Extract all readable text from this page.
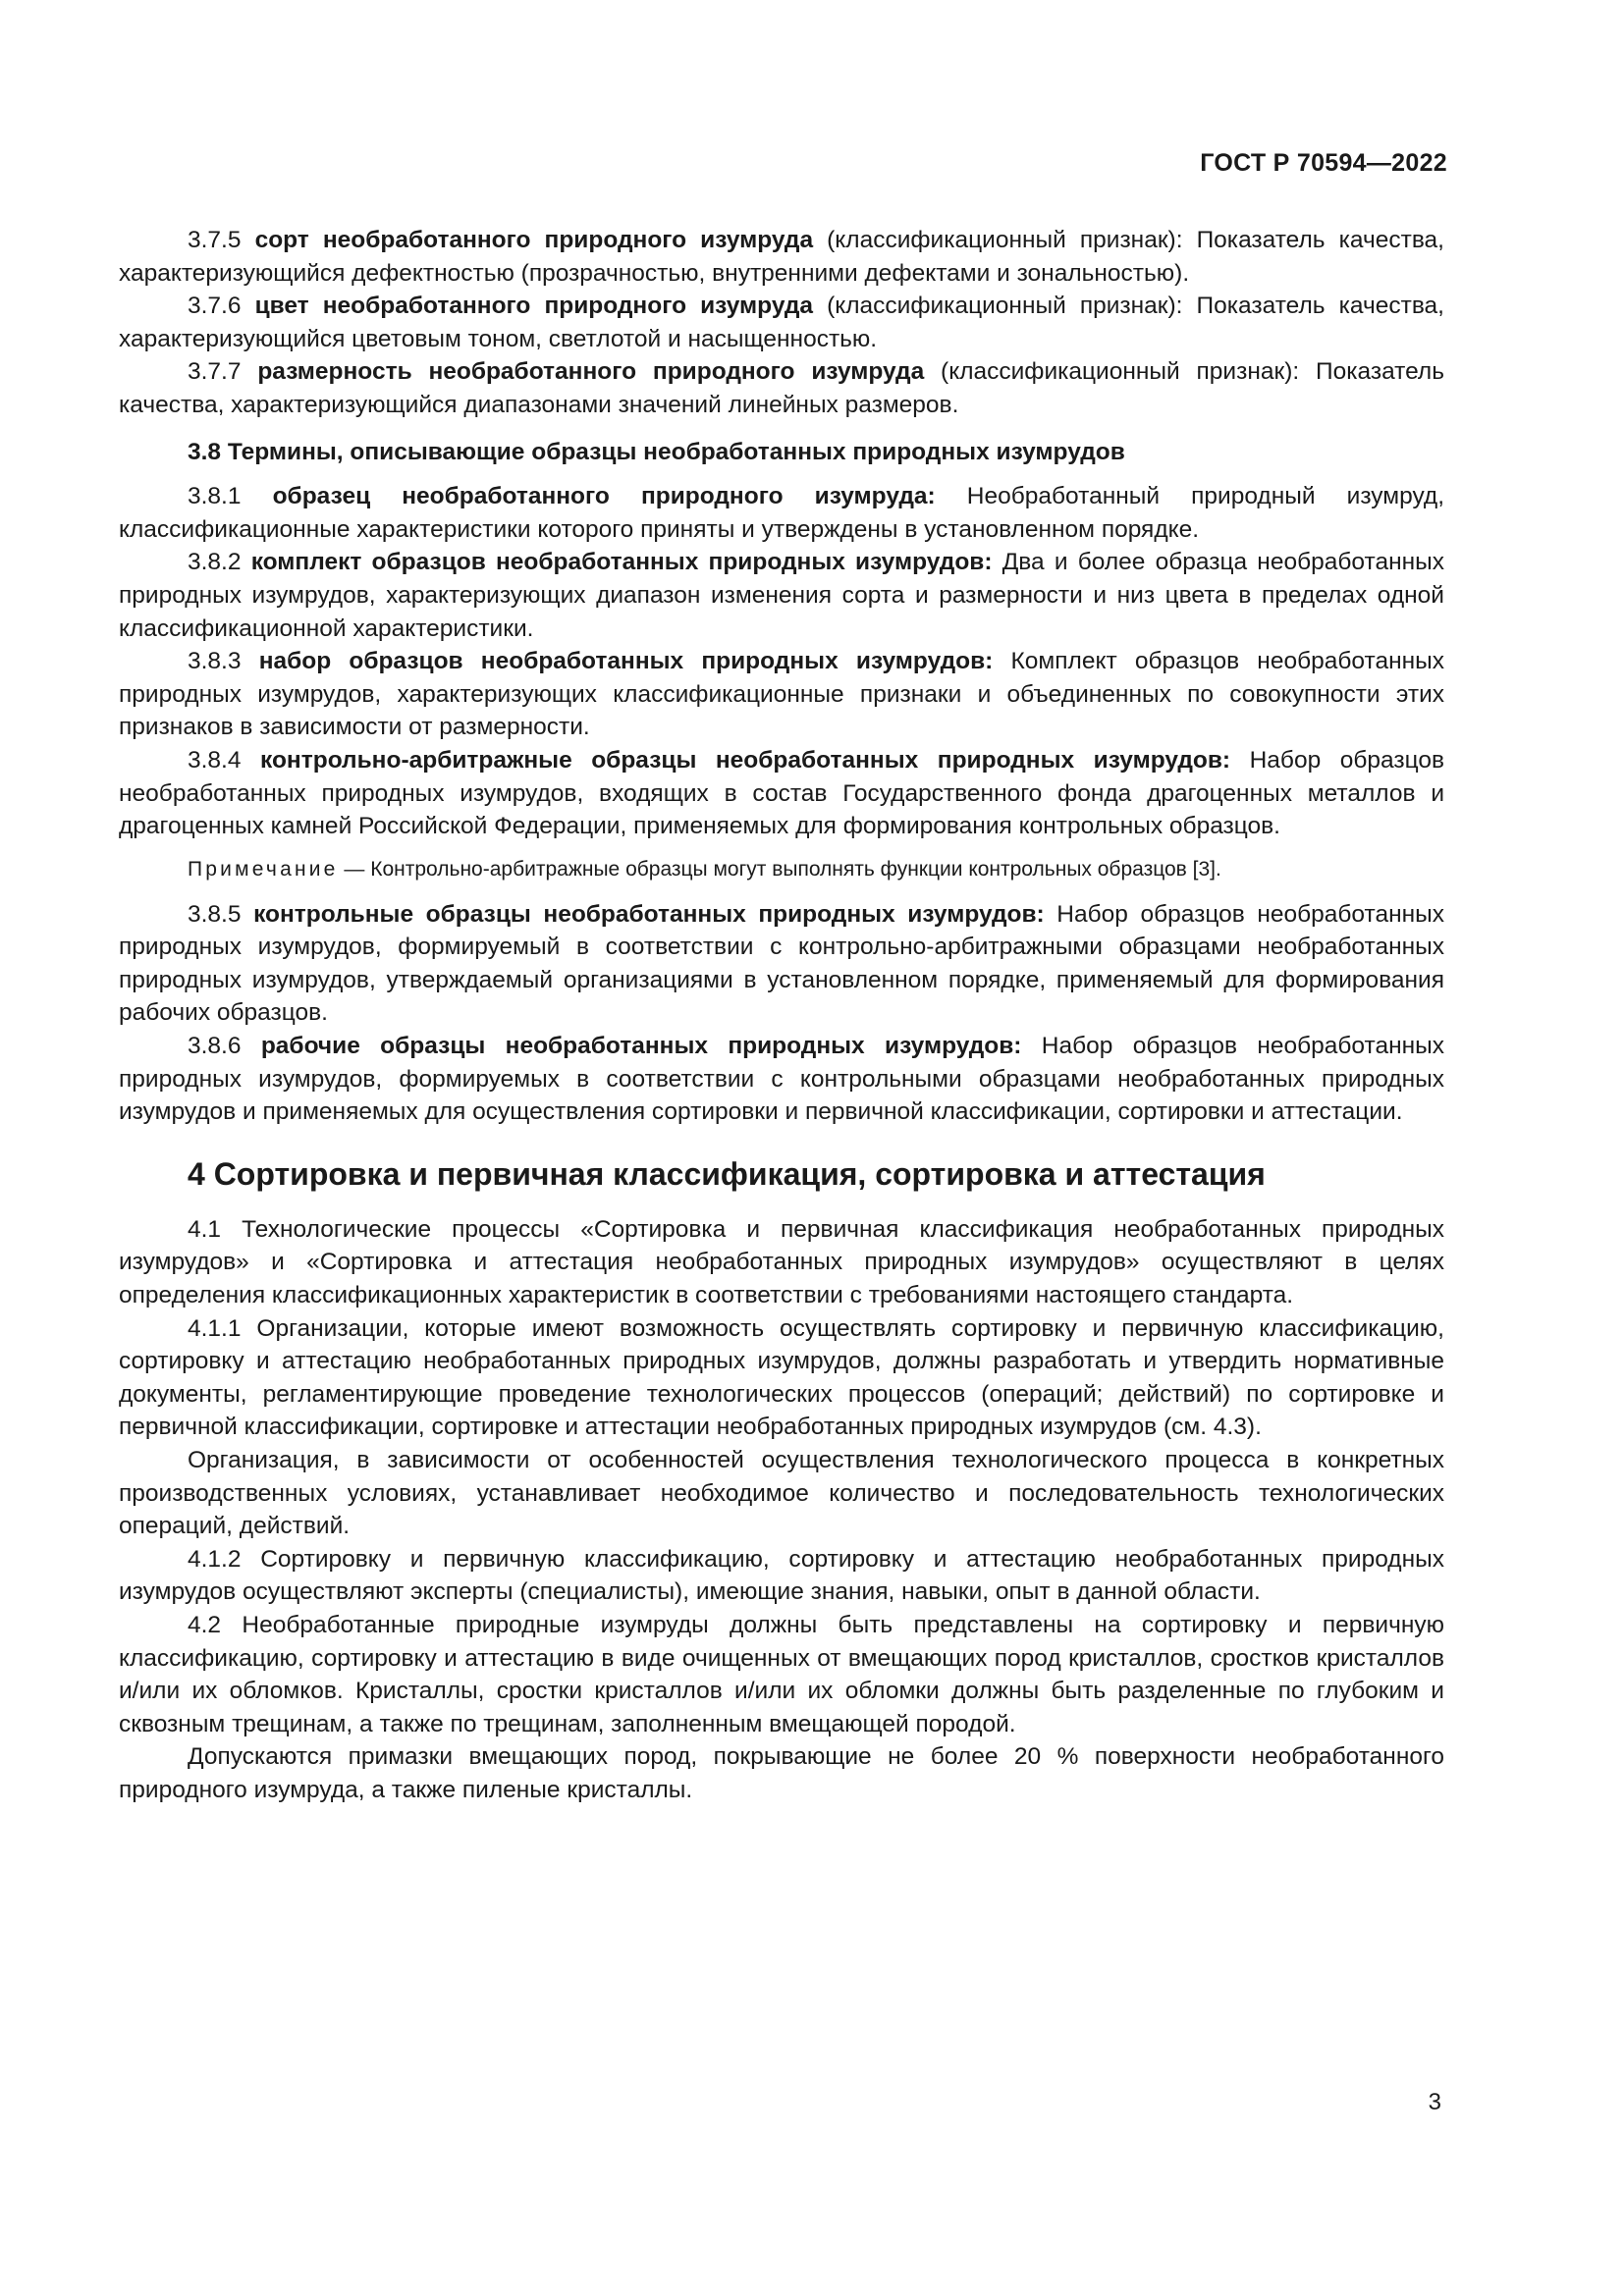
ГОСТ Р 70594—2022

3.7.5 сорт необработанного природного изумруда (классификационный признак): Показатель качества, характеризующийся дефектностью (прозрачностью, внутренними дефектами и зональностью).

3.7.6 цвет необработанного природного изумруда (классификационный признак): Показатель качества, характеризующийся цветовым тоном, светлотой и насыщенностью.

3.7.7 размерность необработанного природного изумруда (классификационный признак): Показатель качества, характеризующийся диапазонами значений линейных размеров.

3.8 Термины, описывающие образцы необработанных природных изумрудов

3.8.1 образец необработанного природного изумруда: Необработанный природный изумруд, классификационные характеристики которого приняты и утверждены в установленном порядке.

3.8.2 комплект образцов необработанных природных изумрудов: Два и более образца необработанных природных изумрудов, характеризующих диапазон изменения сорта и размерности и низ цвета в пределах одной классификационной характеристики.

3.8.3 набор образцов необработанных природных изумрудов: Комплект образцов необработанных природных изумрудов, характеризующих классификационные признаки и объединенных по совокупности этих признаков в зависимости от размерности.

3.8.4 контрольно-арбитражные образцы необработанных природных изумрудов: Набор образцов необработанных природных изумрудов, входящих в состав Государственного фонда драгоценных металлов и драгоценных камней Российской Федерации, применяемых для формирования контрольных образцов.

Примечание — Контрольно-арбитражные образцы могут выполнять функции контрольных образцов [3].

3.8.5 контрольные образцы необработанных природных изумрудов: Набор образцов необработанных природных изумрудов, формируемый в соответствии с контрольно-арбитражными образцами необработанных природных изумрудов, утверждаемый организациями в установленном порядке, применяемый для формирования рабочих образцов.

3.8.6 рабочие образцы необработанных природных изумрудов: Набор образцов необработанных природных изумрудов, формируемых в соответствии с контрольными образцами необработанных природных изумрудов и применяемых для осуществления сортировки и первичной классификации, сортировки и аттестации.

4 Сортировка и первичная классификация, сортировка и аттестация

4.1 Технологические процессы «Сортировка и первичная классификация необработанных природных изумрудов» и «Сортировка и аттестация необработанных природных изумрудов» осуществляют в целях определения классификационных характеристик в соответствии с требованиями настоящего стандарта.

4.1.1 Организации, которые имеют возможность осуществлять сортировку и первичную классификацию, сортировку и аттестацию необработанных природных изумрудов, должны разработать и утвердить нормативные документы, регламентирующие проведение технологических процессов (операций; действий) по сортировке и первичной классификации, сортировке и аттестации необработанных природных изумрудов (см. 4.3).

Организация, в зависимости от особенностей осуществления технологического процесса в конкретных производственных условиях, устанавливает необходимое количество и последовательность технологических операций, действий.

4.1.2 Сортировку и первичную классификацию, сортировку и аттестацию необработанных природных изумрудов осуществляют эксперты (специалисты), имеющие знания, навыки, опыт в данной области.

4.2 Необработанные природные изумруды должны быть представлены на сортировку и первичную классификацию, сортировку и аттестацию в виде очищенных от вмещающих пород кристаллов, сростков кристаллов и/или их обломков. Кристаллы, сростки кристаллов и/или их обломки должны быть разделенные по глубоким и сквозным трещинам, а также по трещинам, заполненным вмещающей породой.

Допускаются примазки вмещающих пород, покрывающие не более 20 % поверхности необработанного природного изумруда, а также пиленые кристаллы.

3
